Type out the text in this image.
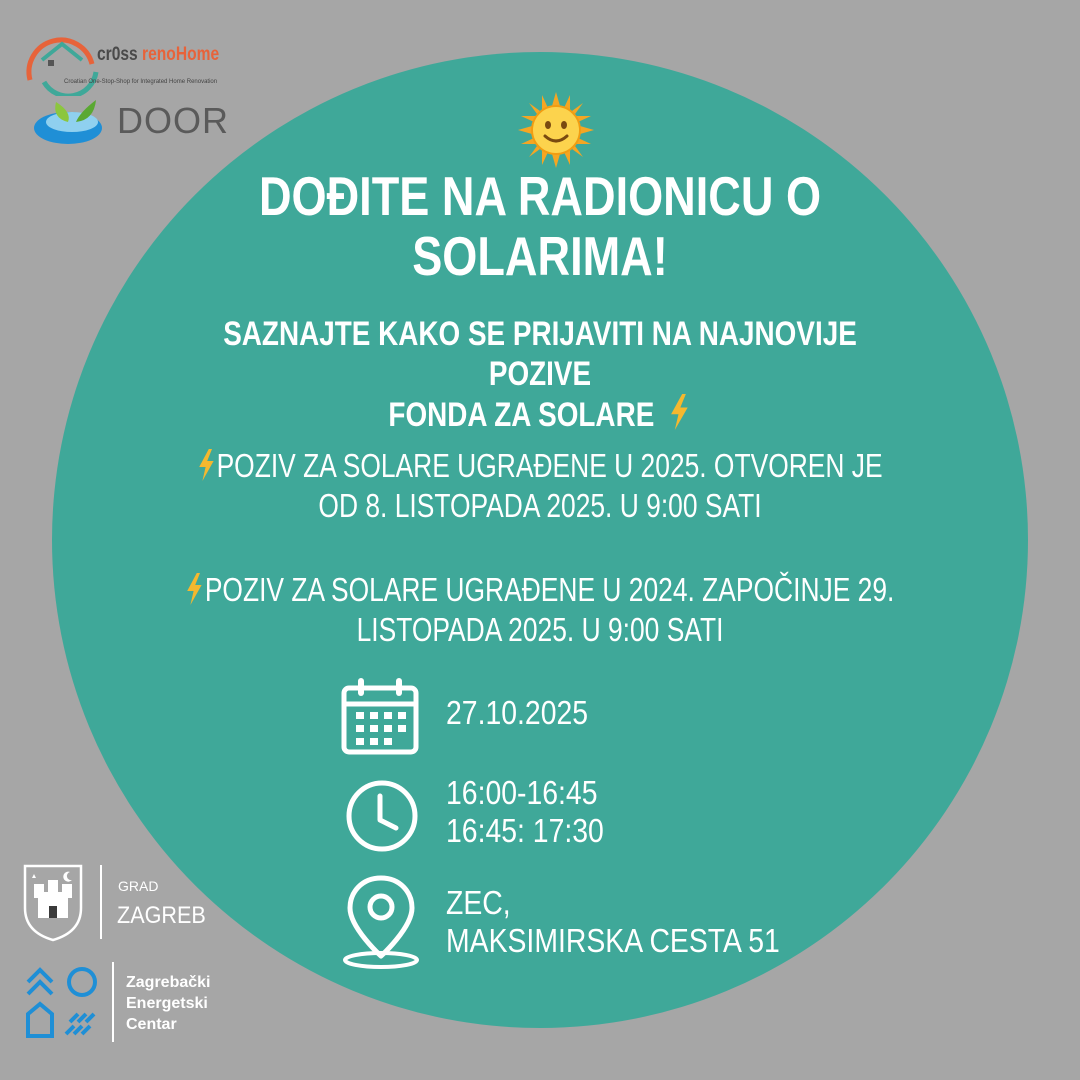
cr0ss renoHome
Croatian One-Stop-Shop for Integrated Home Renovation
DOOR
DOĐITE NA RADIONICU O
SOLARIMA!
SAZNAJTE KAKO SE PRIJAVITI NA NAJNOVIJE POZIVE
FONDA ZA SOLARE
POZIV ZA SOLARE UGRAĐENE U 2025. OTVOREN JE
OD 8. LISTOPADA 2025. U 9:00 SATI
POZIV ZA SOLARE UGRAĐENE U 2024. ZAPOČINJE 29.
LISTOPADA 2025. U 9:00 SATI
27.10.2025
16:00-16:45
16:45: 17:30
ZEC,
MAKSIMIRSKA CESTA 51
GRAD
ZAGREB
Zagrebački
Energetski
Centar
